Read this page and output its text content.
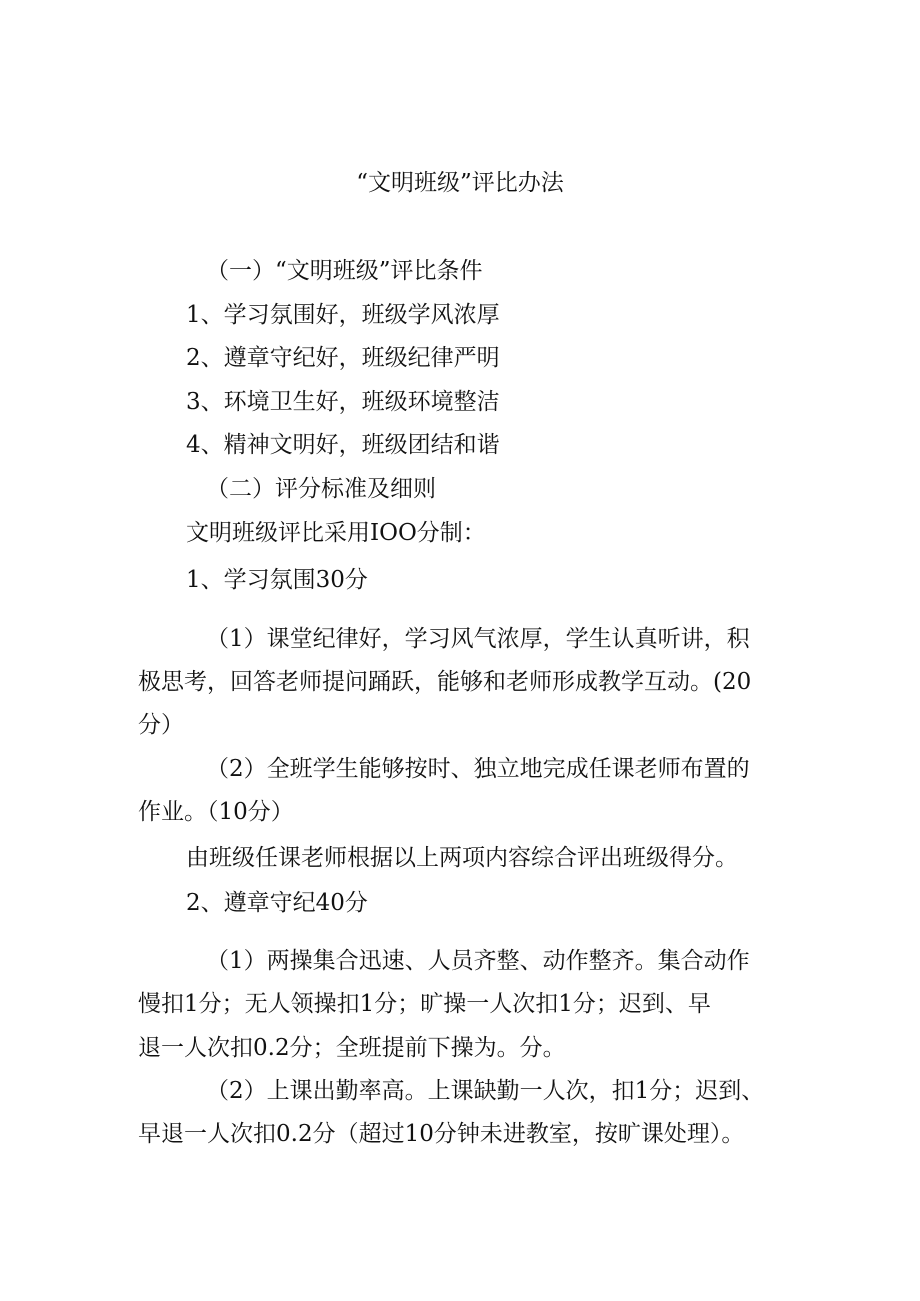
“文明班级”评比办法

（一）“文明班级”评比条件

1、学习氛围好，班级学风浓厚

2、遵章守纪好，班级纪律严明

3、环境卫生好，班级环境整洁

4、精神文明好，班级团结和谐

（二）评分标准及细则

文明班级评比采用IOO分制：

1、学习氛围30分

（1）课堂纪律好，学习风气浓厚，学生认真听讲，积

极思考，回答老师提问踊跃，能够和老师形成教学互动。(20

分）

（2）全班学生能够按时、独立地完成任课老师布置的

作业。（10分）

由班级任课老师根据以上两项内容综合评出班级得分。

2、遵章守纪40分

（1）两操集合迅速、人员齐整、动作整齐。集合动作

慢扣1分；无人领操扣1分；旷操一人次扣1分；迟到、早

退一人次扣0.2分；全班提前下操为。分。

（2）上课出勤率高。上课缺勤一人次，扣1分；迟到、

早退一人次扣0.2分（超过10分钟未进教室，按旷课处理）。
